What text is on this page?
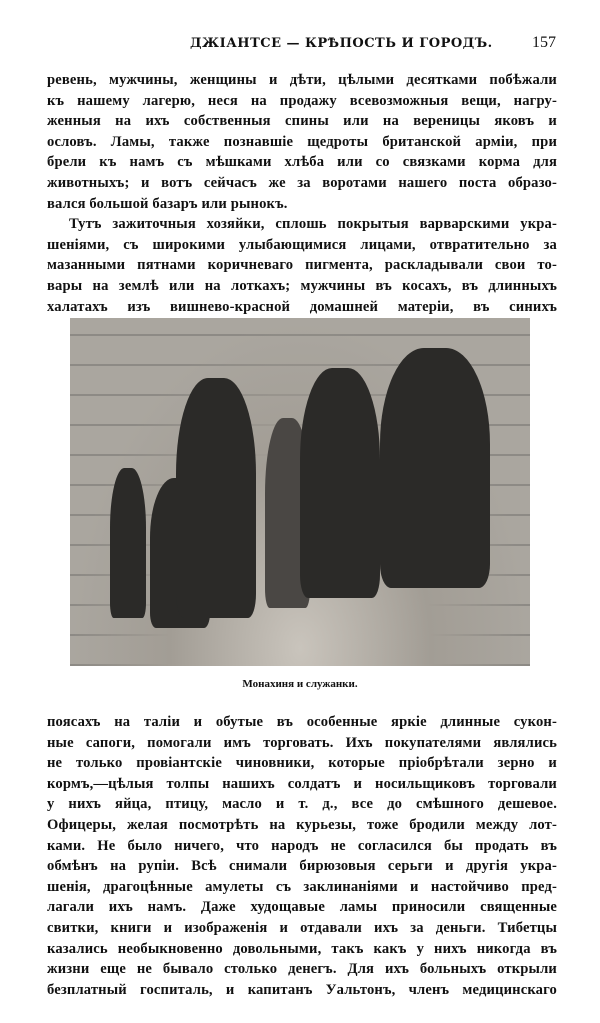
ДЖIАНТСЕ — КРѢПОСТЬ И ГОРОДЪ. 157
ревень, мужчины, женщины и дѣти, цѣлыми десятками побѣжали
къ нашему лагерю, неся на продажу всевозможныя вещи, нагру-
женныя на ихъ собственныя спины или на вереницы яковъ и
ословъ. Ламы, также познавшiе щедроты британской армiи, при
брели къ намъ съ мѣшками хлѣба или со связками корма для
животныхъ; и вотъ сейчасъ же за воротами нашего поста образо-
вался большой базаръ или рынокъ.
Тутъ зажиточныя хозяйки, сплошь покрытыя варварскими укра-
шенiями, съ широкими улыбающимися лицами, отвратительно за
мазанными пятнами коричневаго пигмента, раскладывали свои то-
вары на землѣ или на лоткахъ; мужчины въ косахъ, въ длинныхъ
халатахъ изъ вишнево-красной домашней матерiи, въ синихъ
Монахиня и служанки.
поясахъ на талiи и обутые въ особенные яркiе длинные сукон-
ные сапоги, помогали имъ торговать. Ихъ покупателями являлись
не только провiантскiе чиновники, которые прiобрѣтали зерно и
кормъ,—цѣлыя толпы нашихъ солдатъ и носильщиковъ торговали
у нихъ яйца, птицу, масло и т. д., все до смѣшного дешевое.
Офицеры, желая посмотрѣть на курьезы, тоже бродили между лот-
ками. Не было ничего, что народъ не согласился бы продать въ
обмѣнъ на рупiи. Всѣ снимали бирюзовыя серьги и другiя укра-
шенiя, драгоцѣнные амулеты съ заклинанiями и настойчиво пред-
лагали ихъ намъ. Даже худощавые ламы приносили священные
свитки, книги и изображенiя и отдавали ихъ за деньги. Тибетцы
казались необыкновенно довольными, такъ какъ у нихъ никогда въ
жизни еще не бывало столько денегъ. Для ихъ больныхъ открыли
безплатный госпиталь, и капитанъ Уальтонъ, членъ медицинскаго
